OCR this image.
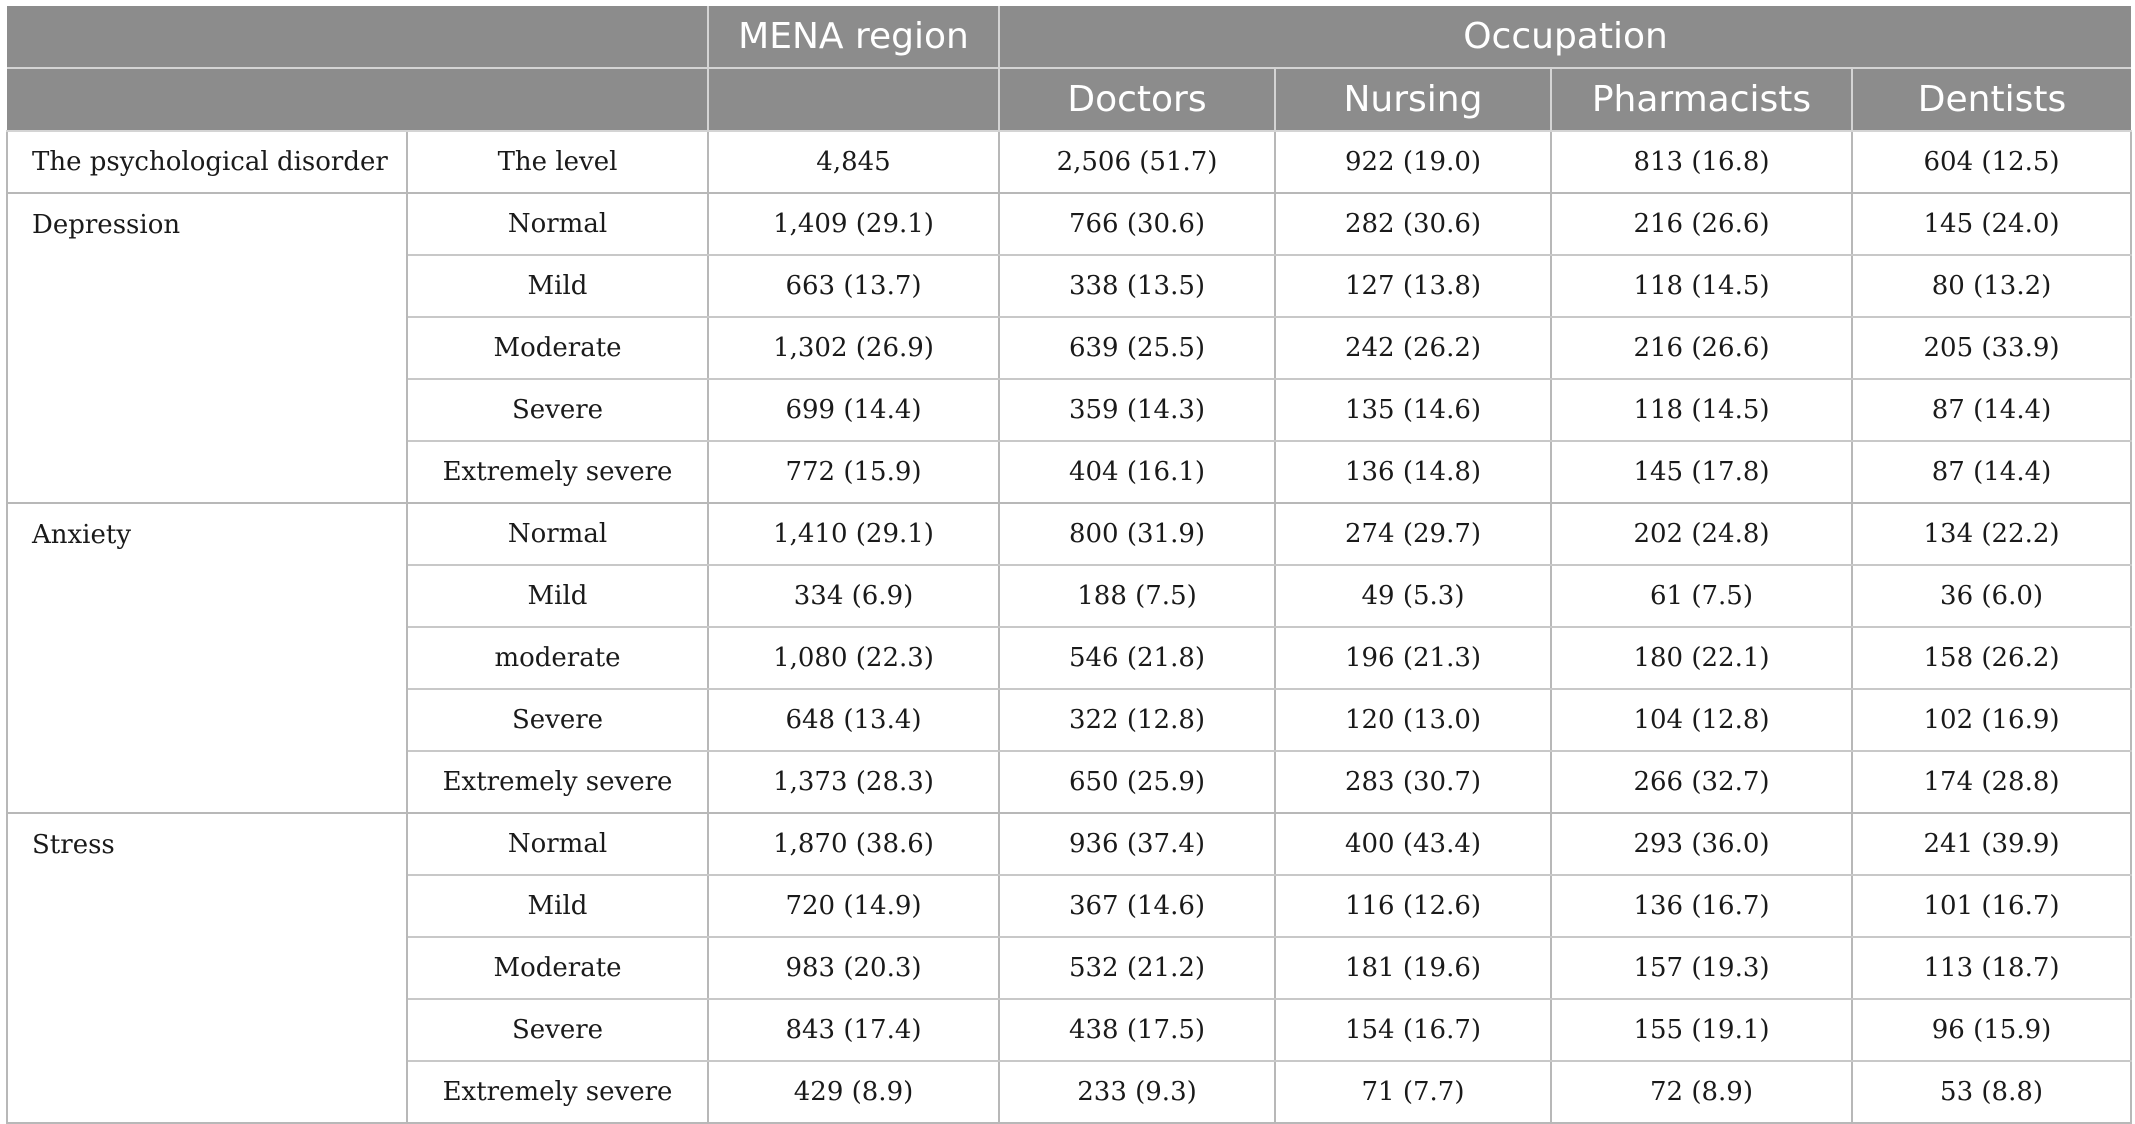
		MENA region	Occupation			
			Doctors	Nursing	Pharmacists	Dentists
The psychological disorder	The level	4,845	2,506 (51.7)	922 (19.0)	813 (16.8)	604 (12.5)
Depression	Normal	1,409 (29.1)	766 (30.6)	282 (30.6)	216 (26.6)	145 (24.0)
	Mild	663 (13.7)	338 (13.5)	127 (13.8)	118 (14.5)	80 (13.2)
	Moderate	1,302 (26.9)	639 (25.5)	242 (26.2)	216 (26.6)	205 (33.9)
	Severe	699 (14.4)	359 (14.3)	135 (14.6)	118 (14.5)	87 (14.4)
	Extremely severe	772 (15.9)	404 (16.1)	136 (14.8)	145 (17.8)	87 (14.4)
Anxiety	Normal	1,410 (29.1)	800 (31.9)	274 (29.7)	202 (24.8)	134 (22.2)
	Mild	334 (6.9)	188 (7.5)	49 (5.3)	61 (7.5)	36 (6.0)
	moderate	1,080 (22.3)	546 (21.8)	196 (21.3)	180 (22.1)	158 (26.2)
	Severe	648 (13.4)	322 (12.8)	120 (13.0)	104 (12.8)	102 (16.9)
	Extremely severe	1,373 (28.3)	650 (25.9)	283 (30.7)	266 (32.7)	174 (28.8)
Stress	Normal	1,870 (38.6)	936 (37.4)	400 (43.4)	293 (36.0)	241 (39.9)
	Mild	720 (14.9)	367 (14.6)	116 (12.6)	136 (16.7)	101 (16.7)
	Moderate	983 (20.3)	532 (21.2)	181 (19.6)	157 (19.3)	113 (18.7)
	Severe	843 (17.4)	438 (17.5)	154 (16.7)	155 (19.1)	96 (15.9)
	Extremely severe	429 (8.9)	233 (9.3)	71 (7.7)	72 (8.9)	53 (8.8)
